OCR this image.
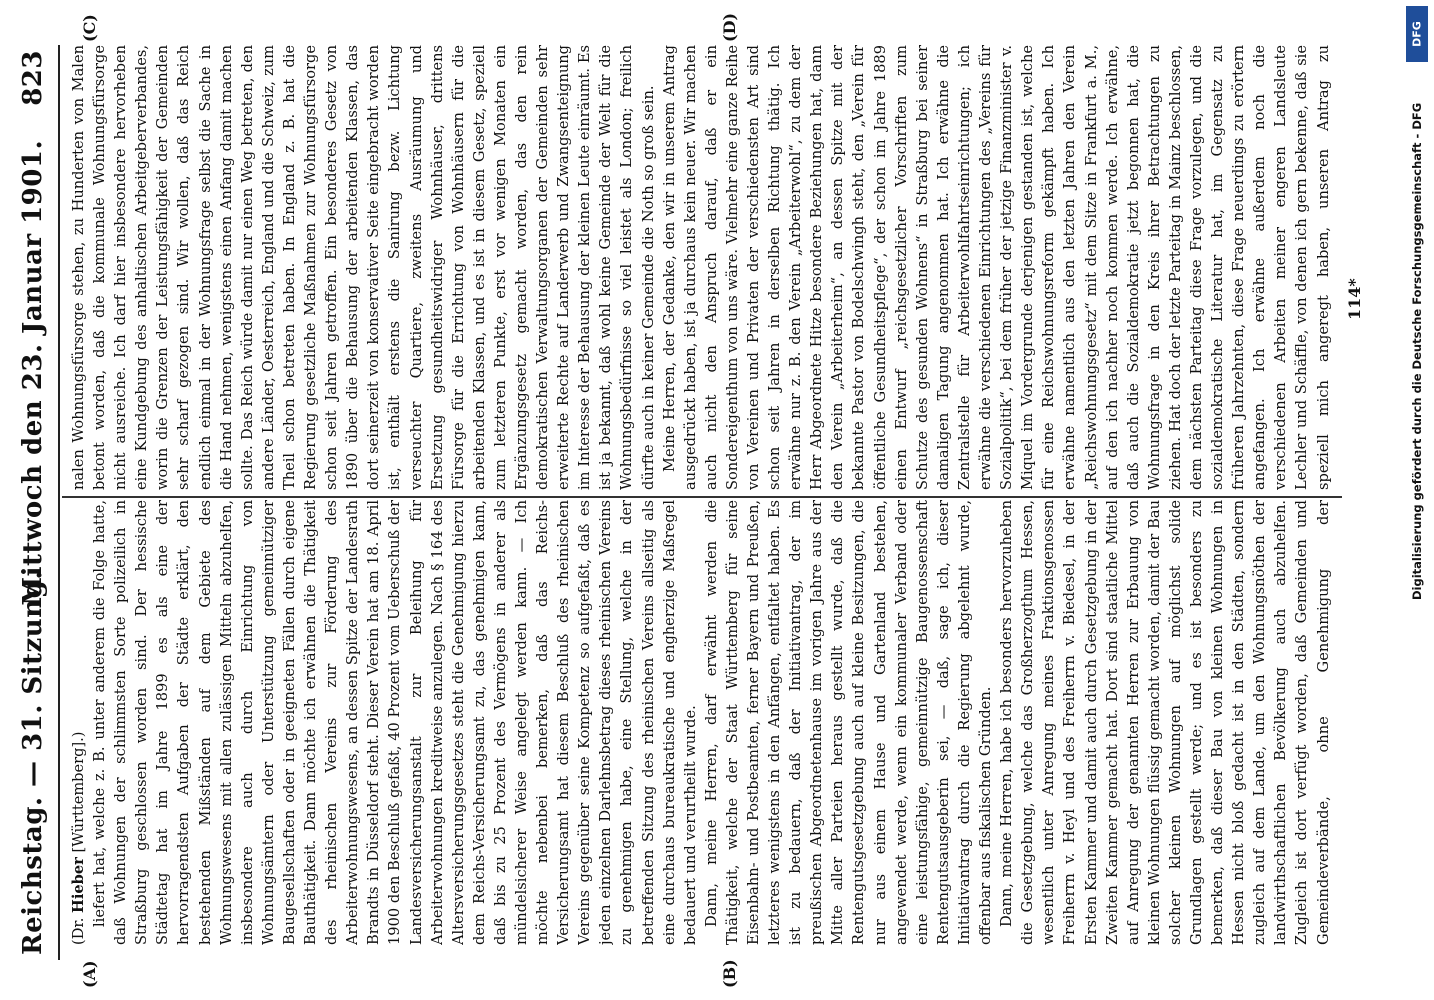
Reichstag. — 31. Sitzung.
Mittwoch den 23. Januar 1901.
823
(A)	(B)
(C)	(D)

(Dr. Hieber [Württemberg].) liefert hat, welche z. B. unter anderem die Folge hatte, daß Wohnungen der schlimmsten Sorte polizeilich in Straßburg geschlossen worden sind. Der hessische Städtetag hat im Jahre 1899 es als eine der hervorragendsten Aufgaben der Städte erklärt, den bestehenden Mißständen auf dem Gebiete des Wohnungswesens mit allen zulässigen Mitteln abzuhelfen, insbesondere auch durch Einrichtung von Wohnungsämtern oder Unterstützung gemeinnütziger Baugesellschaften oder in geeigneten Fällen durch eigene Bauthätigkeit. Dann möchte ich erwähnen die Thätigkeit des rheinischen Vereins zur Förderung des Arbeiterwohnungswesens, an dessen Spitze der Landesrath Brandts in Düsseldorf steht. Dieser Verein hat am 18. April 1900 den Beschluß gefaßt, 40 Prozent vom Ueberschuß der Landesversicherungsanstalt zur Beleihung für Arbeiterwohnungen kreditweise anzulegen. Nach § 164 des Altersversicherungsgesetzes steht die Genehmigung hierzu dem Reichs-Versicherungsamt zu, das genehmigen kann, daß bis zu 25 Prozent des Vermögens in anderer als mündelsicherer Weise angelegt werden kann. — Ich möchte nebenbei bemerken, daß das Reichs-Versicherungsamt hat diesem Beschluß des rheinischen Vereins gegenüber seine Kompetenz so aufgefaßt, daß es jeden einzelnen Darlehnsbetrag dieses rheinischen Vereins zu genehmigen habe, eine Stellung, welche in der betreffenden Sitzung des rheinischen Vereins allseitig als eine durchaus bureaukratische und engherzige Maßregel bedauert und verurtheilt wurde. Dann, meine Herren, darf erwähnt werden die Thätigkeit, welche der Staat Württemberg für seine Eisenbahn- und Postbeamten, ferner Bayern und Preußen, letzteres wenigstens in den Anfängen, entfaltet haben. Es ist zu bedauern, daß der Initiativantrag, der im preußischen Abgeordnetenhause im vorigen Jahre aus der Mitte aller Parteien heraus gestellt wurde, daß die Rentengutsgesetzgebung auch auf kleine Besitzungen, die nur aus einem Hause und Gartenland bestehen, angewendet werde, wenn ein kommunaler Verband oder eine leistungsfähige, gemeinnützige Baugenossenschaft Rentengutsausgeberin sei, — daß, sage ich, dieser Initiativantrag durch die Regierung abgelehnt wurde, offenbar aus fiskalischen Gründen. Dann, meine Herren, habe ich besonders hervorzuheben die Gesetzgebung, welche das Großherzogthum Hessen, wesentlich unter Anregung meines Fraktionsgenossen Freiherrn v. Heyl und des Freiherrn v. Biedesel, in der Ersten Kammer und damit auch durch Gesetzgebung in der Zweiten Kammer gemacht hat. Dort sind staatliche Mittel auf Anregung der genannten Herren zur Erbauung von kleinen Wohnungen flüssig gemacht worden, damit der Bau solcher kleinen Wohnungen auf möglichst solide Grundlagen gestellt werde; und es ist besonders zu bemerken, daß dieser Bau von kleinen Wohnungen in Hessen nicht bloß gedacht ist in den Städten, sondern zugleich auf dem Lande, um den Wohnungsnöthen der landwirthschaftlichen Bevölkerung auch abzuhelfen. Zugleich ist dort verfügt worden, daß Gemeinden und Gemeindeverbände, ohne Genehmigung der

nalen Wohnungsfürsorge stehen, zu Hunderten von Malen betont worden, daß die kommunale Wohnungsfürsorge nicht ausreiche. Ich darf hier insbesondere hervorheben eine Kundgebung des anhaltischen Arbeitgeberverbandes, worin die Grenzen der Leistungsfähigkeit der Gemeinden sehr scharf gezogen sind. Wir wollen, daß das Reich endlich einmal in der Wohnungsfrage selbst die Sache in die Hand nehmen, wenigstens einen Anfang damit machen sollte. Das Reich würde damit nur einen Weg betreten, den andere Länder, Oesterreich, England und die Schweiz, zum Theil schon betreten haben. In England z. B. hat die Regierung gesetzliche Maßnahmen zur Wohnungsfürsorge schon seit Jahren getroffen. Ein besonderes Gesetz von 1890 über die Behausung der arbeitenden Klassen, das dort seinerzeit von konservativer Seite eingebracht worden ist, enthält erstens die Sanirung bezw. Lichtung verseuchter Quartiere, zweitens Ausräumung und Ersetzung gesundheitswidriger Wohnhäuser, drittens Fürsorge für die Errichtung von Wohnhäusern für die arbeitenden Klassen, und es ist in diesem Gesetz, speziell zum letzteren Punkte, erst vor wenigen Monaten ein Ergänzungsgesetz gemacht worden, das den rein demokratischen Verwaltungsorganen der Gemeinden sehr erweiterte Rechte auf Landerwerb und Zwangsenteignung im Interesse der Behausung der kleinen Leute einräumt. Es ist ja bekannt, daß wohl keine Gemeinde der Welt für die Wohnungsbedürfnisse so viel leistet als London; freilich dürfte auch in keiner Gemeinde die Noth so groß sein. Meine Herren, der Gedanke, den wir in unserem Antrag ausgedrückt haben, ist ja durchaus kein neuer. Wir machen auch nicht den Anspruch darauf, daß er ein Sondereigenthum von uns wäre. Vielmehr eine ganze Reihe von Vereinen und Privaten der verschiedensten Art sind schon seit Jahren in derselben Richtung thätig. Ich erwähne nur z. B. den Verein „Arbeiterwohl“, zu dem der Herr Abgeordnete Hitze besondere Beziehungen hat, dann den Verein „Arbeiterheim“, an dessen Spitze mit der bekannte Pastor von Bodelschwingh steht, den „Verein für öffentliche Gesundheitspflege“, der schon im Jahre 1889 einen Entwurf „reichsgesetzlicher Vorschriften zum Schutze des gesunden Wohnens“ in Straßburg bei seiner damaligen Tagung angenommen hat. Ich erwähne die Zentralstelle für Arbeiterwohlfahrtseinrichtungen; ich erwähne die verschiedenen Einrichtungen des „Vereins für Sozialpolitik“, bei dem früher der jetzige Finanzminister v. Miquel im Vordergrunde derjenigen gestanden ist, welche für eine Reichswohnungsreform gekämpft haben. Ich erwähne namentlich aus den letzten Jahren den Verein „Reichswohnungsgesetz“ mit dem Sitze in Frankfurt a. M., auf den ich nachher noch kommen werde. Ich erwähne, daß auch die Sozialdemokratie jetzt begonnen hat, die Wohnungsfrage in den Kreis ihrer Betrachtungen zu ziehen. Hat doch der letzte Parteitag in Mainz beschlossen, dem nächsten Parteitag diese Frage vorzulegen, und die sozialdemokratische Literatur hat, im Gegensatz zu früheren Jahrzehnten, diese Frage neuerdings zu erörtern angefangen. Ich erwähne außerdem noch die verschiedenen Arbeiten meiner engeren Landsleute Lechler und Schäffle, von denen ich gern bekenne, daß sie speziell mich angeregt haben, unseren Antrag zu

114*
DFG
Digitalisierung gefördert durch die Deutsche Forschungsgemeinschaft - DFG
